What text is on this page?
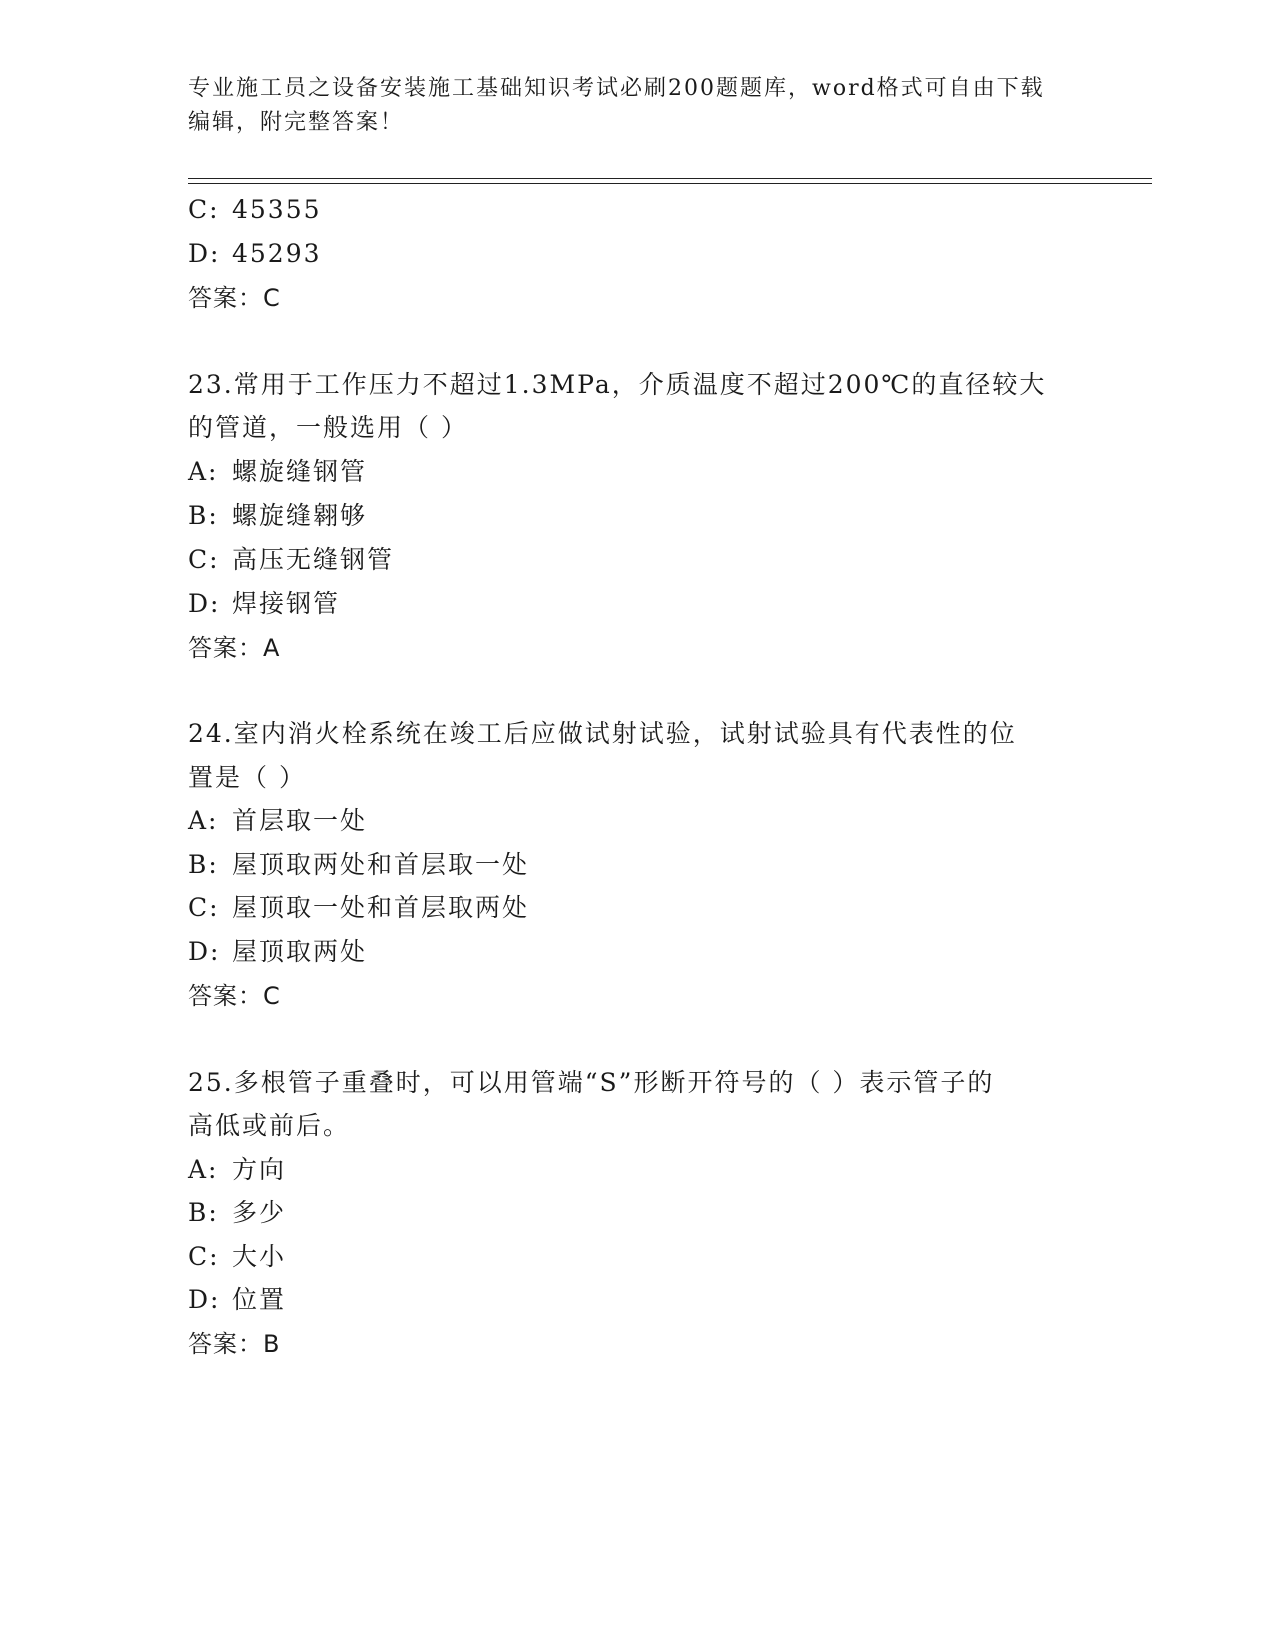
专业施工员之设备安装施工基础知识考试必刷200题题库，word格式可自由下载
编辑，附完整答案！
C: 45355
D: 45293
答案：C
23.常用于工作压力不超过1.3MPa，介质温度不超过200℃的直径较大
的管道，一般选用（ ）
A: 螺旋缝钢管
B: 螺旋缝翱够
C: 高压无缝钢管
D: 焊接钢管
答案：A
24.室内消火栓系统在竣工后应做试射试验，试射试验具有代表性的位
置是（ ）
A: 首层取一处
B: 屋顶取两处和首层取一处
C: 屋顶取一处和首层取两处
D: 屋顶取两处
答案：C
25.多根管子重叠时，可以用管端“S”形断开符号的（ ）表示管子的
高低或前后。
A: 方向
B: 多少
C: 大小
D: 位置
答案：B
